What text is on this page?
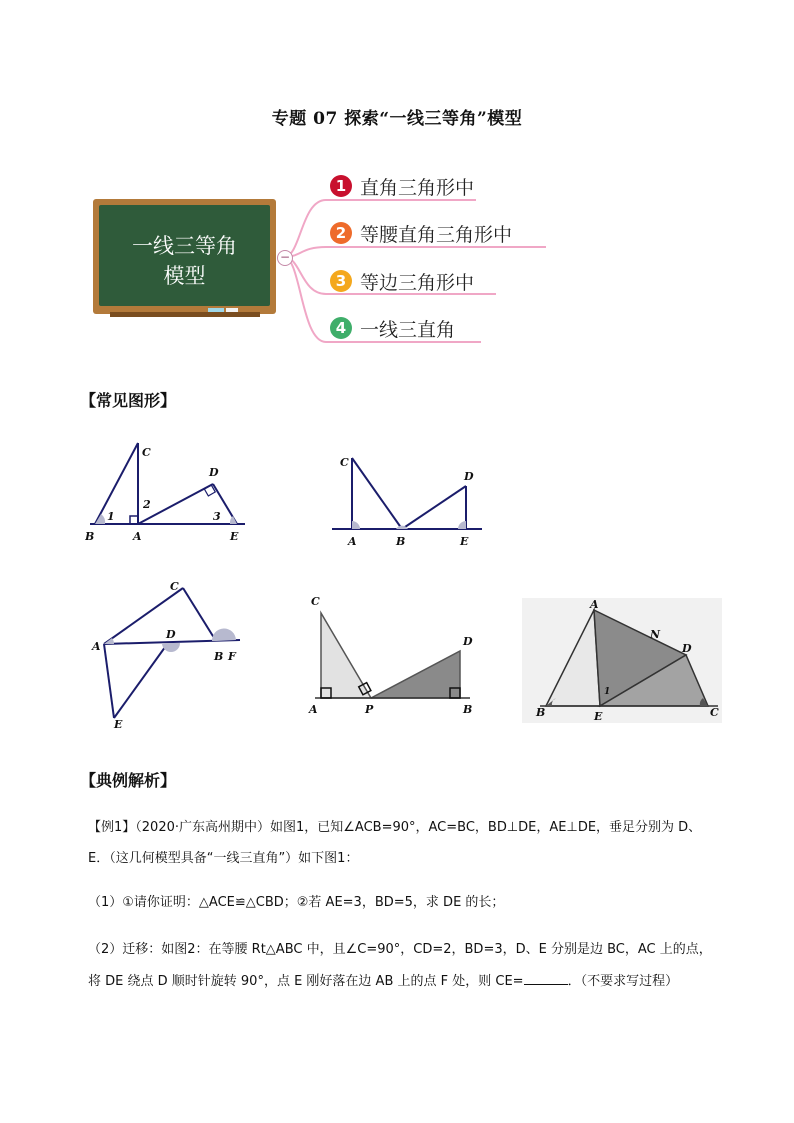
专题 07 探索“一线三等角”模型
一线三等角
模型
−
1 直角三角形中
2 等腰直角三角形中
3 等边三角形中
4 一线三直角
【常见图形】
B	A	E
C
D
1
2
3
C
D
A	B	E
C
A
D
B F
E
C
D
A	P	B
A
N
D
B	E	C
1
【典例解析】
【例1】（2020·广东高州期中）如图1，已知∠ACB=90°，AC=BC，BD⊥DE，AE⊥DE，垂足分别为 D、
E．（这几何模型具备“一线三直角”）如下图1：
（1）①请你证明：△ACE≌△CBD；②若 AE=3，BD=5，求 DE 的长；
（2）迁移：如图2：在等腰 Rt△ABC 中，且∠C=90°，CD=2，BD=3，D、E 分别是边 BC，AC 上的点，
将 DE 绕点 D 顺时针旋转 90°，点 E 刚好落在边 AB 上的点 F 处，则 CE=	．（不要求写过程）
